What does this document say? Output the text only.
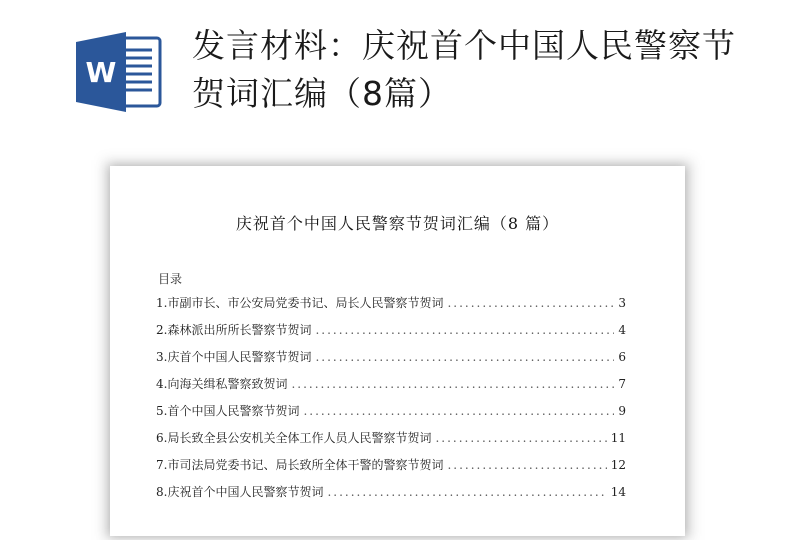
W
发言材料：庆祝首个中国人民警察节贺词汇编（8篇）
庆祝首个中国人民警察节贺词汇编（8 篇）
目录
1.市副市长、市公安局党委书记、局长人民警察节贺词 .....	3
2.森林派出所所长警察节贺词 .....	4
3.庆首个中国人民警察节贺词 .....	6
4.向海关缉私警察致贺词 .....	7
5.首个中国人民警察节贺词 .....	9
6.局长致全县公安机关全体工作人员人民警察节贺词 .....	11
7.市司法局党委书记、局长致所全体干警的警察节贺词 .....	12
8.庆祝首个中国人民警察节贺词 .....	14
